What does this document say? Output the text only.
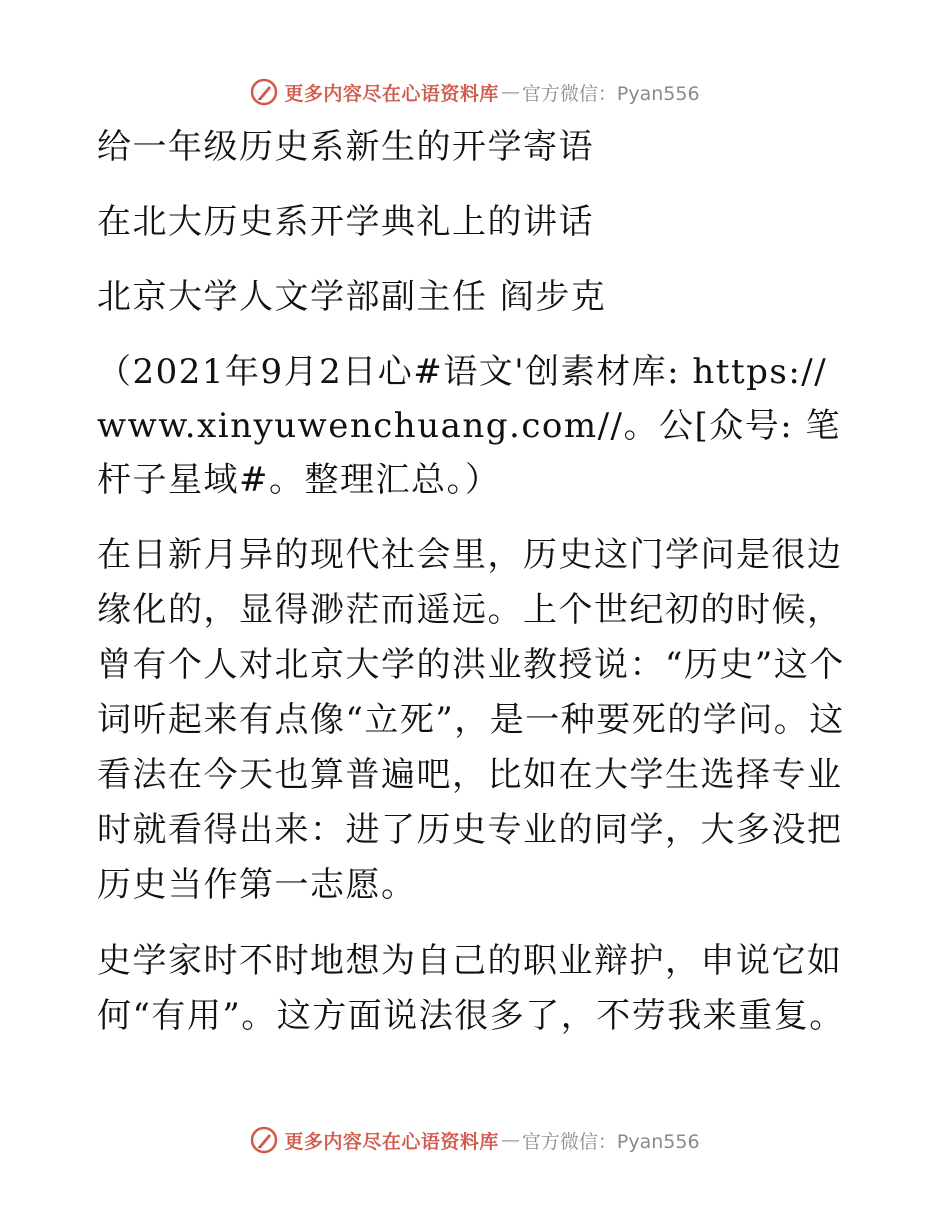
更多内容尽在心语资料库 — 官方微信：Pyan556

给一年级历史系新生的开学寄语

在北大历史系开学典礼上的讲话

北京大学人文学部副主任 阎步克

（2021年9月2日心#语文'创素材库: https://www.xinyuwenchuang.com//。公[众号: 笔杆子星域#。整理汇总。）

在日新月异的现代社会里，历史这门学问是很边缘化的，显得渺茫而遥远。上个世纪初的时候，曾有个人对北京大学的洪业教授说：“历史”这个词听起来有点像“立死”，是一种要死的学问。这看法在今天也算普遍吧，比如在大学生选择专业时就看得出来：进了历史专业的同学，大多没把历史当作第一志愿。

史学家时不时地想为自己的职业辩护，申说它如何“有用”。这方面说法很多了，不劳我来重复。

更多内容尽在心语资料库 — 官方微信：Pyan556
